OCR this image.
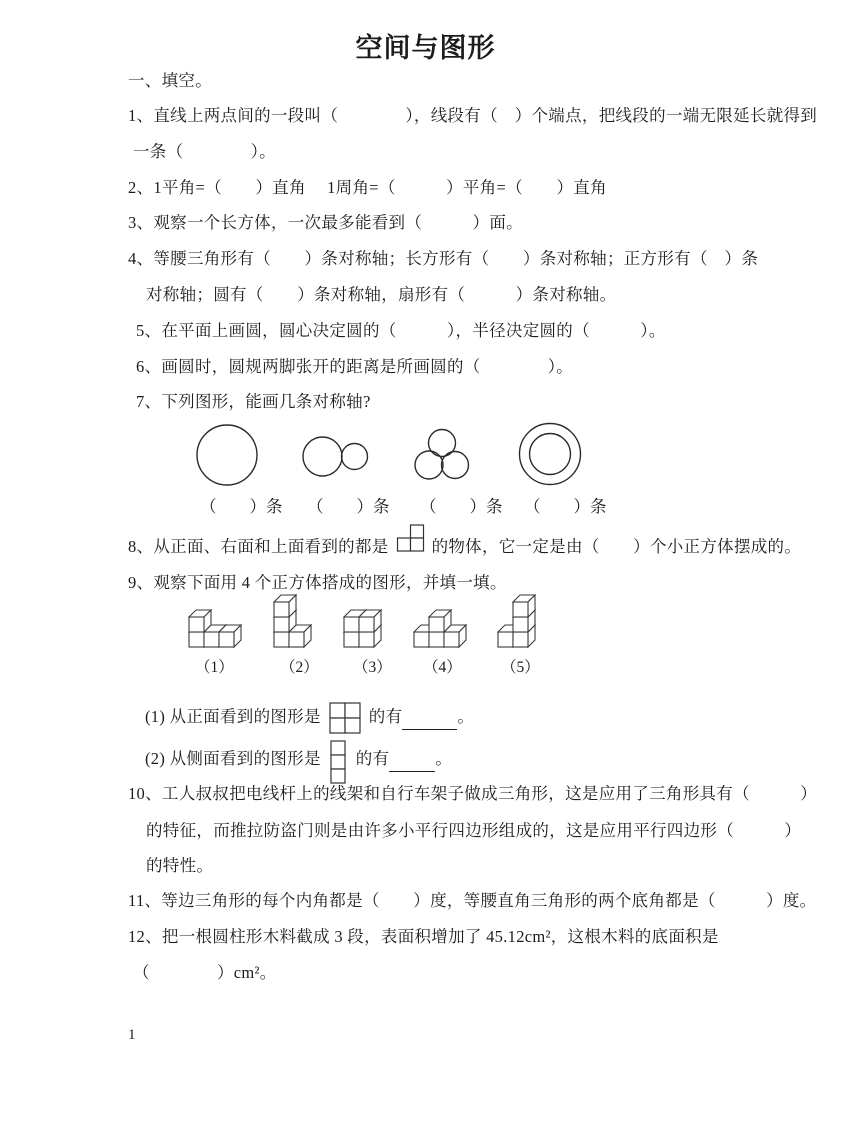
空间与图形
一、填空。
1、直线上两点间的一段叫（　　　　），线段有（　）个端点，把线段的一端无限延长就得到
一条（　　　　）。
2、1平角=（　　）直角　 1周角=（　　　）平角=（　　）直角
3、观察一个长方体，一次最多能看到（　　　）面。
4、等腰三角形有（　　）条对称轴；长方形有（　　）条对称轴；正方形有（　）条
对称轴；圆有（　　）条对称轴，扇形有（　　　）条对称轴。
5、在平面上画圆，圆心决定圆的（　　　），半径决定圆的（　　　）。
6、画圆时，圆规两脚张开的距离是所画圆的（　　　　）。
7、下列图形，能画几条对称轴?
（　　）条 （　　）条 （　　）条 （　　）条
8、从正面、右面和上面看到的都是	的物体，它一定是由（　　）个小正方体摆成的。
9、观察下面用 4 个正方体搭成的图形，并填一填。
（1）	（2） （3） （4）	（5）
(1) 从正面看到的图形是	的有	。
(2) 从侧面看到的图形是 的有	。
10、工人叔叔把电线杆上的线架和自行车架子做成三角形，这是应用了三角形具有（　　　）
的特征，而推拉防盗门则是由许多小平行四边形组成的，这是应用平行四边形（　　　）
的特性。
11、等边三角形的每个内角都是（　　）度，等腰直角三角形的两个底角都是（　　　）度。
12、把一根圆柱形木料截成 3 段，表面积增加了 45.12cm²，这根木料的底面积是
（　　　　）cm²。
1
